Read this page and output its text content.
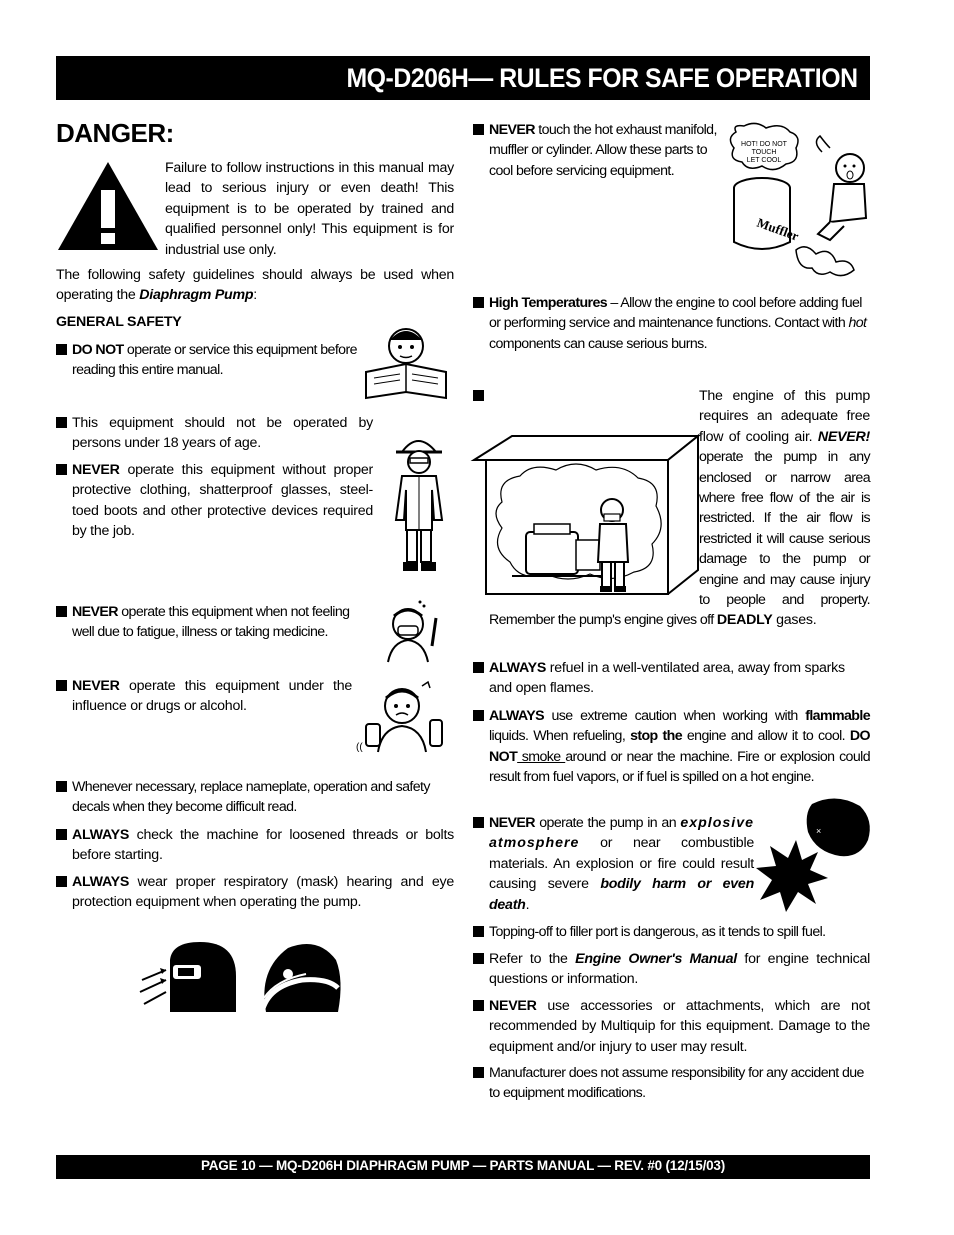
MQ-D206H— RULES FOR SAFE OPERATION
DANGER:
Failure to follow instructions in this manual may lead to serious injury or even death! This equipment is to be operated by trained and qualified personnel only! This equipment is for industrial use only.
The following safety guidelines should always be used when operating the Diaphragm Pump:
GENERAL SAFETY
DO NOT operate or service this equipment before reading this entire manual.
This equipment should not be operated by persons under 18 years of age.
NEVER operate this equipment without proper protective clothing, shatterproof glasses, steel-toed boots and other protective devices required by the job.
NEVER operate this equipment when not feeling well due to fatigue, illness or taking medicine.
NEVER operate this equipment under the influence or drugs or alcohol.
Whenever necessary, replace nameplate, operation and safety decals when they become difficult read.
ALWAYS check the machine for loosened threads or bolts before starting.
ALWAYS wear proper respiratory (mask) hearing and eye protection equipment when operating the pump.
((
NEVER touch the hot exhaust manifold, muffler or cylinder. Allow these parts to cool before servicing equipment.
HOT! DO NOT
TOUCH
LET COOL
Muffler
High Temperatures – Allow the engine to cool before adding fuel or performing service and maintenance functions. Contact with hot components can cause serious burns.
The engine of this pump requires an adequate free flow of cooling air. NEVER! operate the pump in any enclosed or narrow area where free flow of the air is restricted. If the air flow is restricted it will cause serious damage to the pump or engine and may cause injury to people and property. Remember the pump's engine gives off DEADLY gases.
ALWAYS refuel in a well-ventilated area, away from sparks and open flames.
ALWAYS use extreme caution when working with flammable liquids. When refueling, stop the engine and allow it to cool. DO NOT smoke around or near the machine. Fire or explosion could result from fuel vapors, or if fuel is spilled on a hot engine.
NEVER operate the pump in an explosive atmosphere or near combustible materials. An explosion or fire could result causing severe bodily harm or even death.
×
Topping-off to filler port is dangerous, as it tends to spill fuel.
Refer to the Engine Owner's Manual for engine technical questions or information.
NEVER use accessories or attachments, which are not recommended by Multiquip for this equipment. Damage to the equipment and/or injury to user may result.
Manufacturer does not assume responsibility for any accident due to equipment modifications.
PAGE 10 — MQ-D206H DIAPHRAGM PUMP — PARTS MANUAL — REV. #0 (12/15/03)
